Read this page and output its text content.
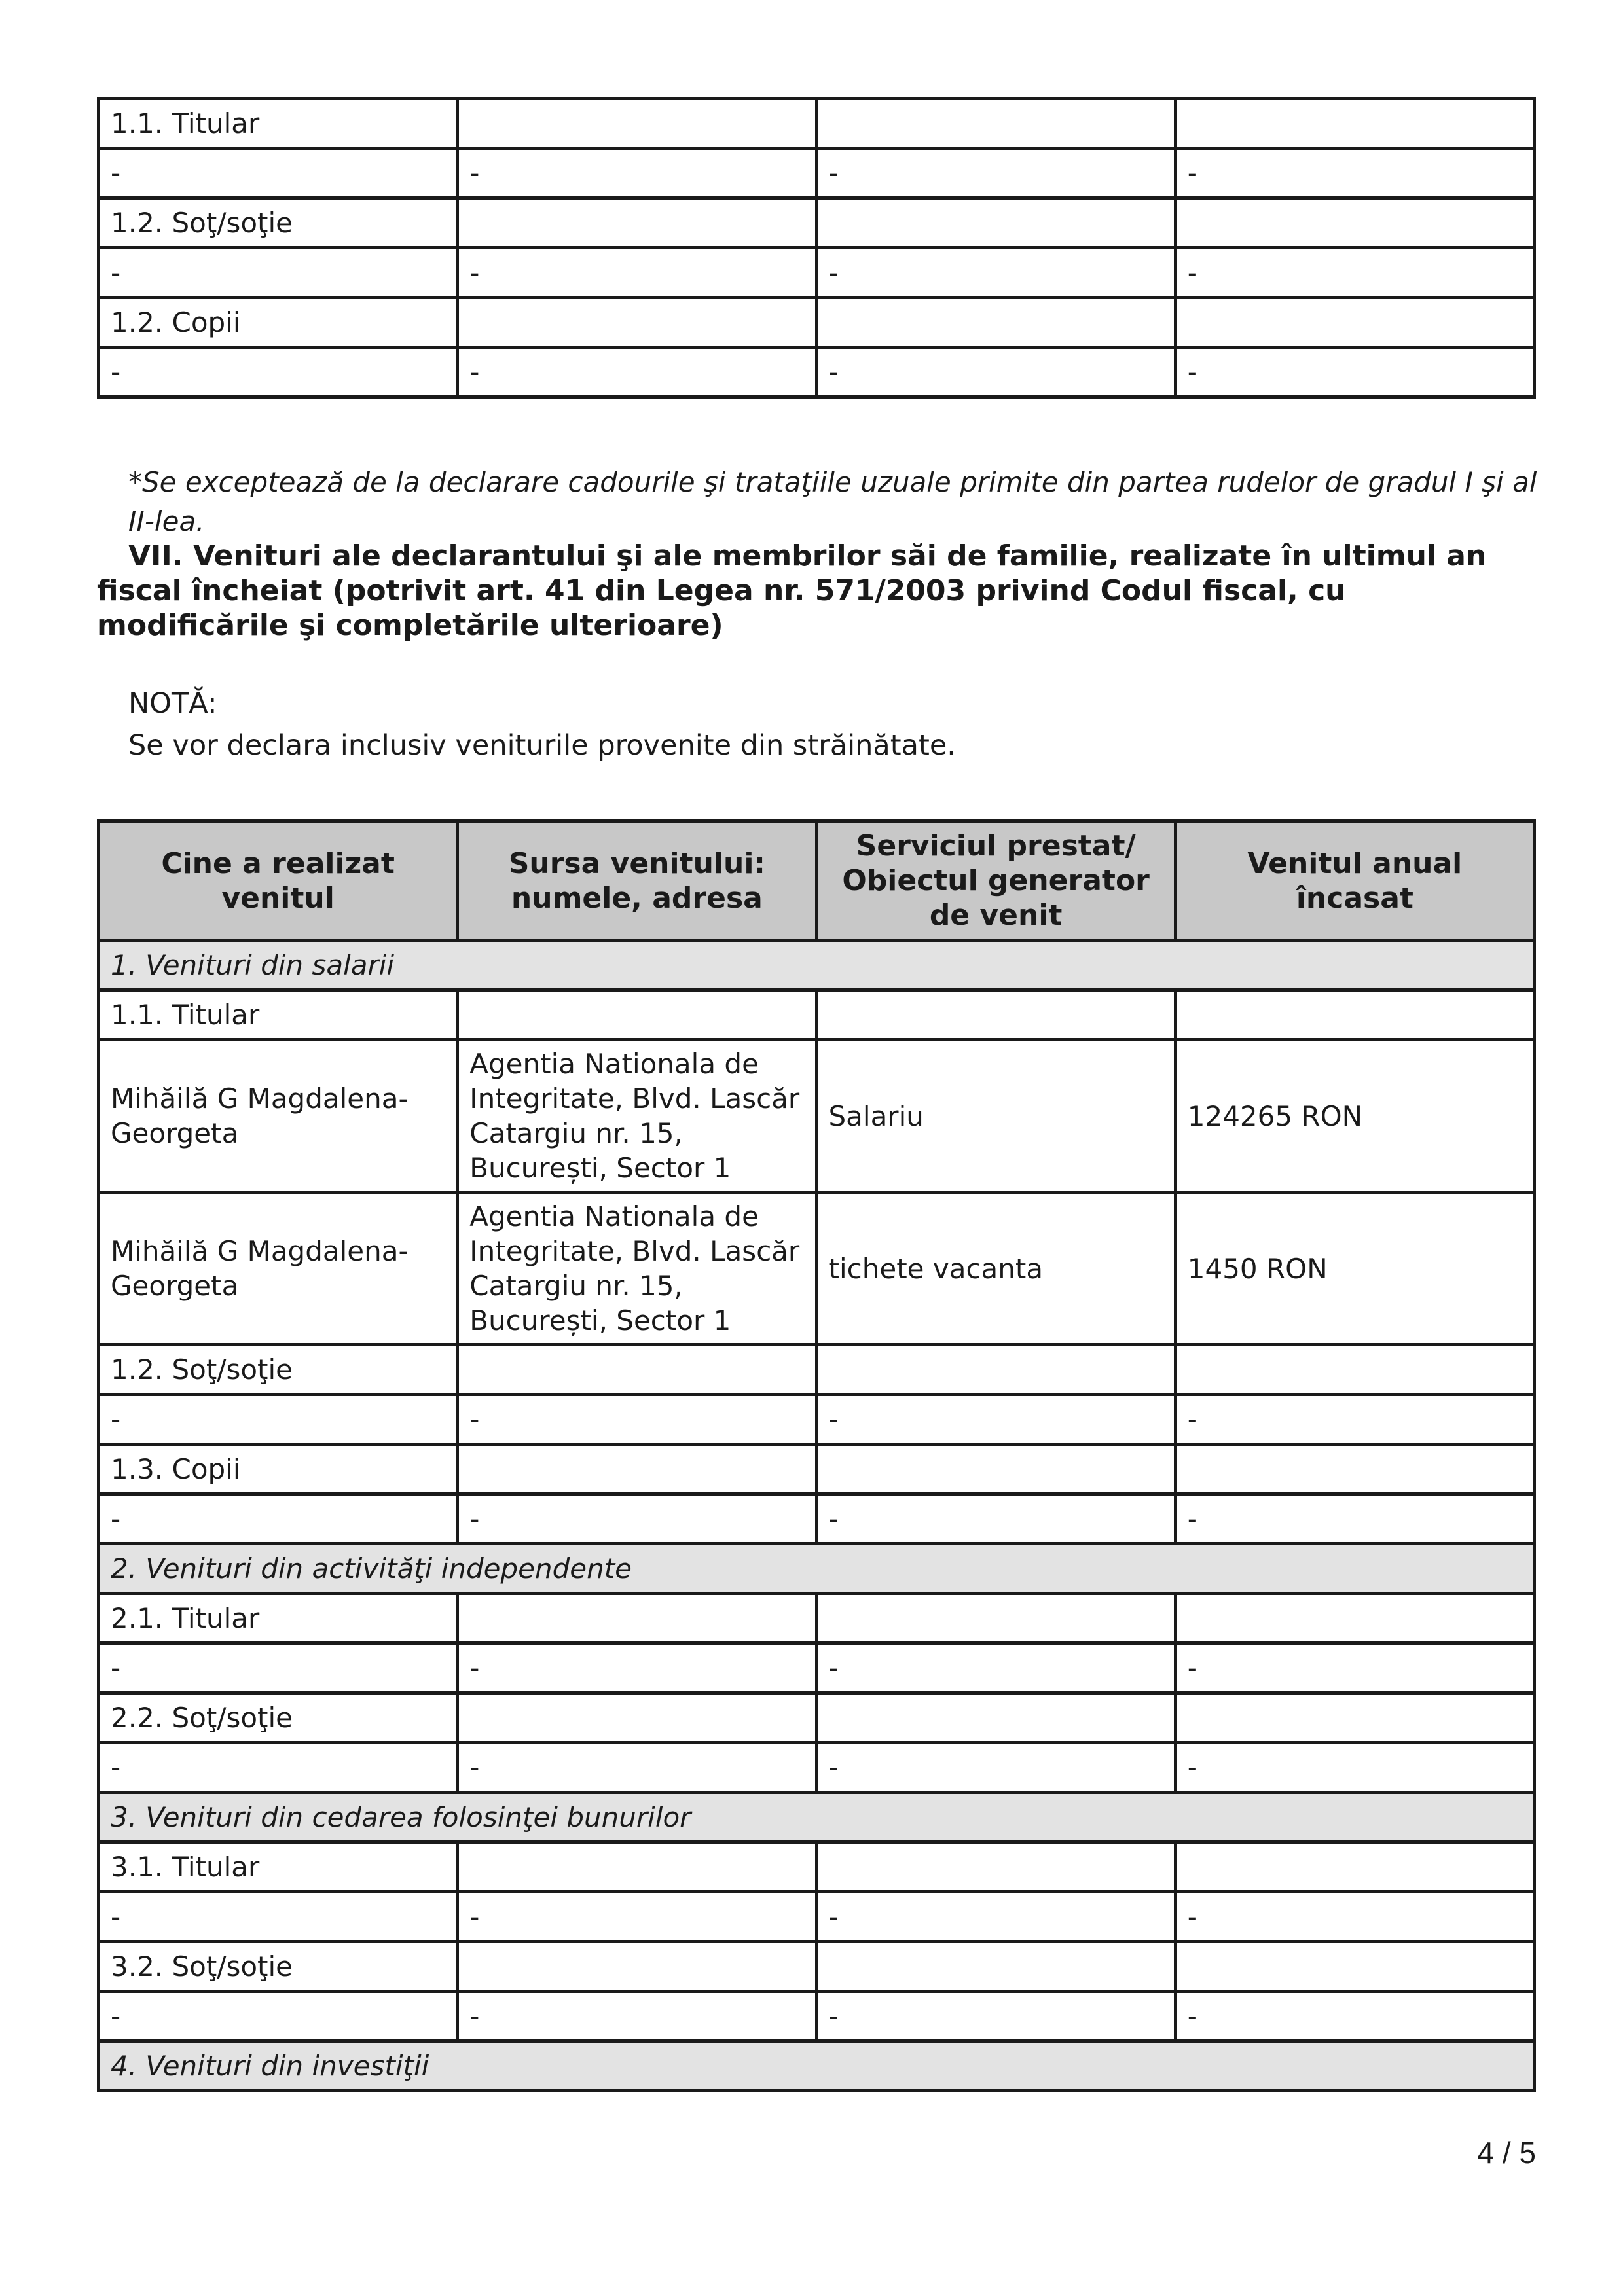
1.1. Titular			
-	-	-	-
1.2. Soţ/soţie			
-	-	-	-
1.2. Copii			
-	-	-	-

*Se exceptează de la declarare cadourile şi trataţiile uzuale primite din partea rudelor de gradul I şi al II-lea.

VII. Venituri ale declarantului şi ale membrilor săi de familie, realizate în ultimul an fiscal încheiat (potrivit art. 41 din Legea nr. 571/2003 privind Codul fiscal, cu modificările şi completările ulterioare)

NOTĂ:
Se vor declara inclusiv veniturile provenite din străinătate.
Cine a realizat venitul	Sursa venitului: numele, adresa	Serviciul prestat/ Obiectul generator de venit	Venitul anual încasat
1. Venituri din salarii			
1.1. Titular			
Mihăilă G Magdalena-Georgeta	Agentia Nationala de Integritate, Blvd. Lascăr Catargiu nr. 15, București, Sector 1	Salariu	124265 RON
Mihăilă G Magdalena-Georgeta	Agentia Nationala de Integritate, Blvd. Lascăr Catargiu nr. 15, București, Sector 1	tichete vacanta	1450 RON
1.2. Soţ/soţie			
-	-	-	-
1.3. Copii			
-	-	-	-
2. Venituri din activităţi independente			
2.1. Titular			
-	-	-	-
2.2. Soţ/soţie			
-	-	-	-
3. Venituri din cedarea folosinţei bunurilor			
3.1. Titular			
-	-	-	-
3.2. Soţ/soţie			
-	-	-	-
4. Venituri din investiţii			
4 / 5
